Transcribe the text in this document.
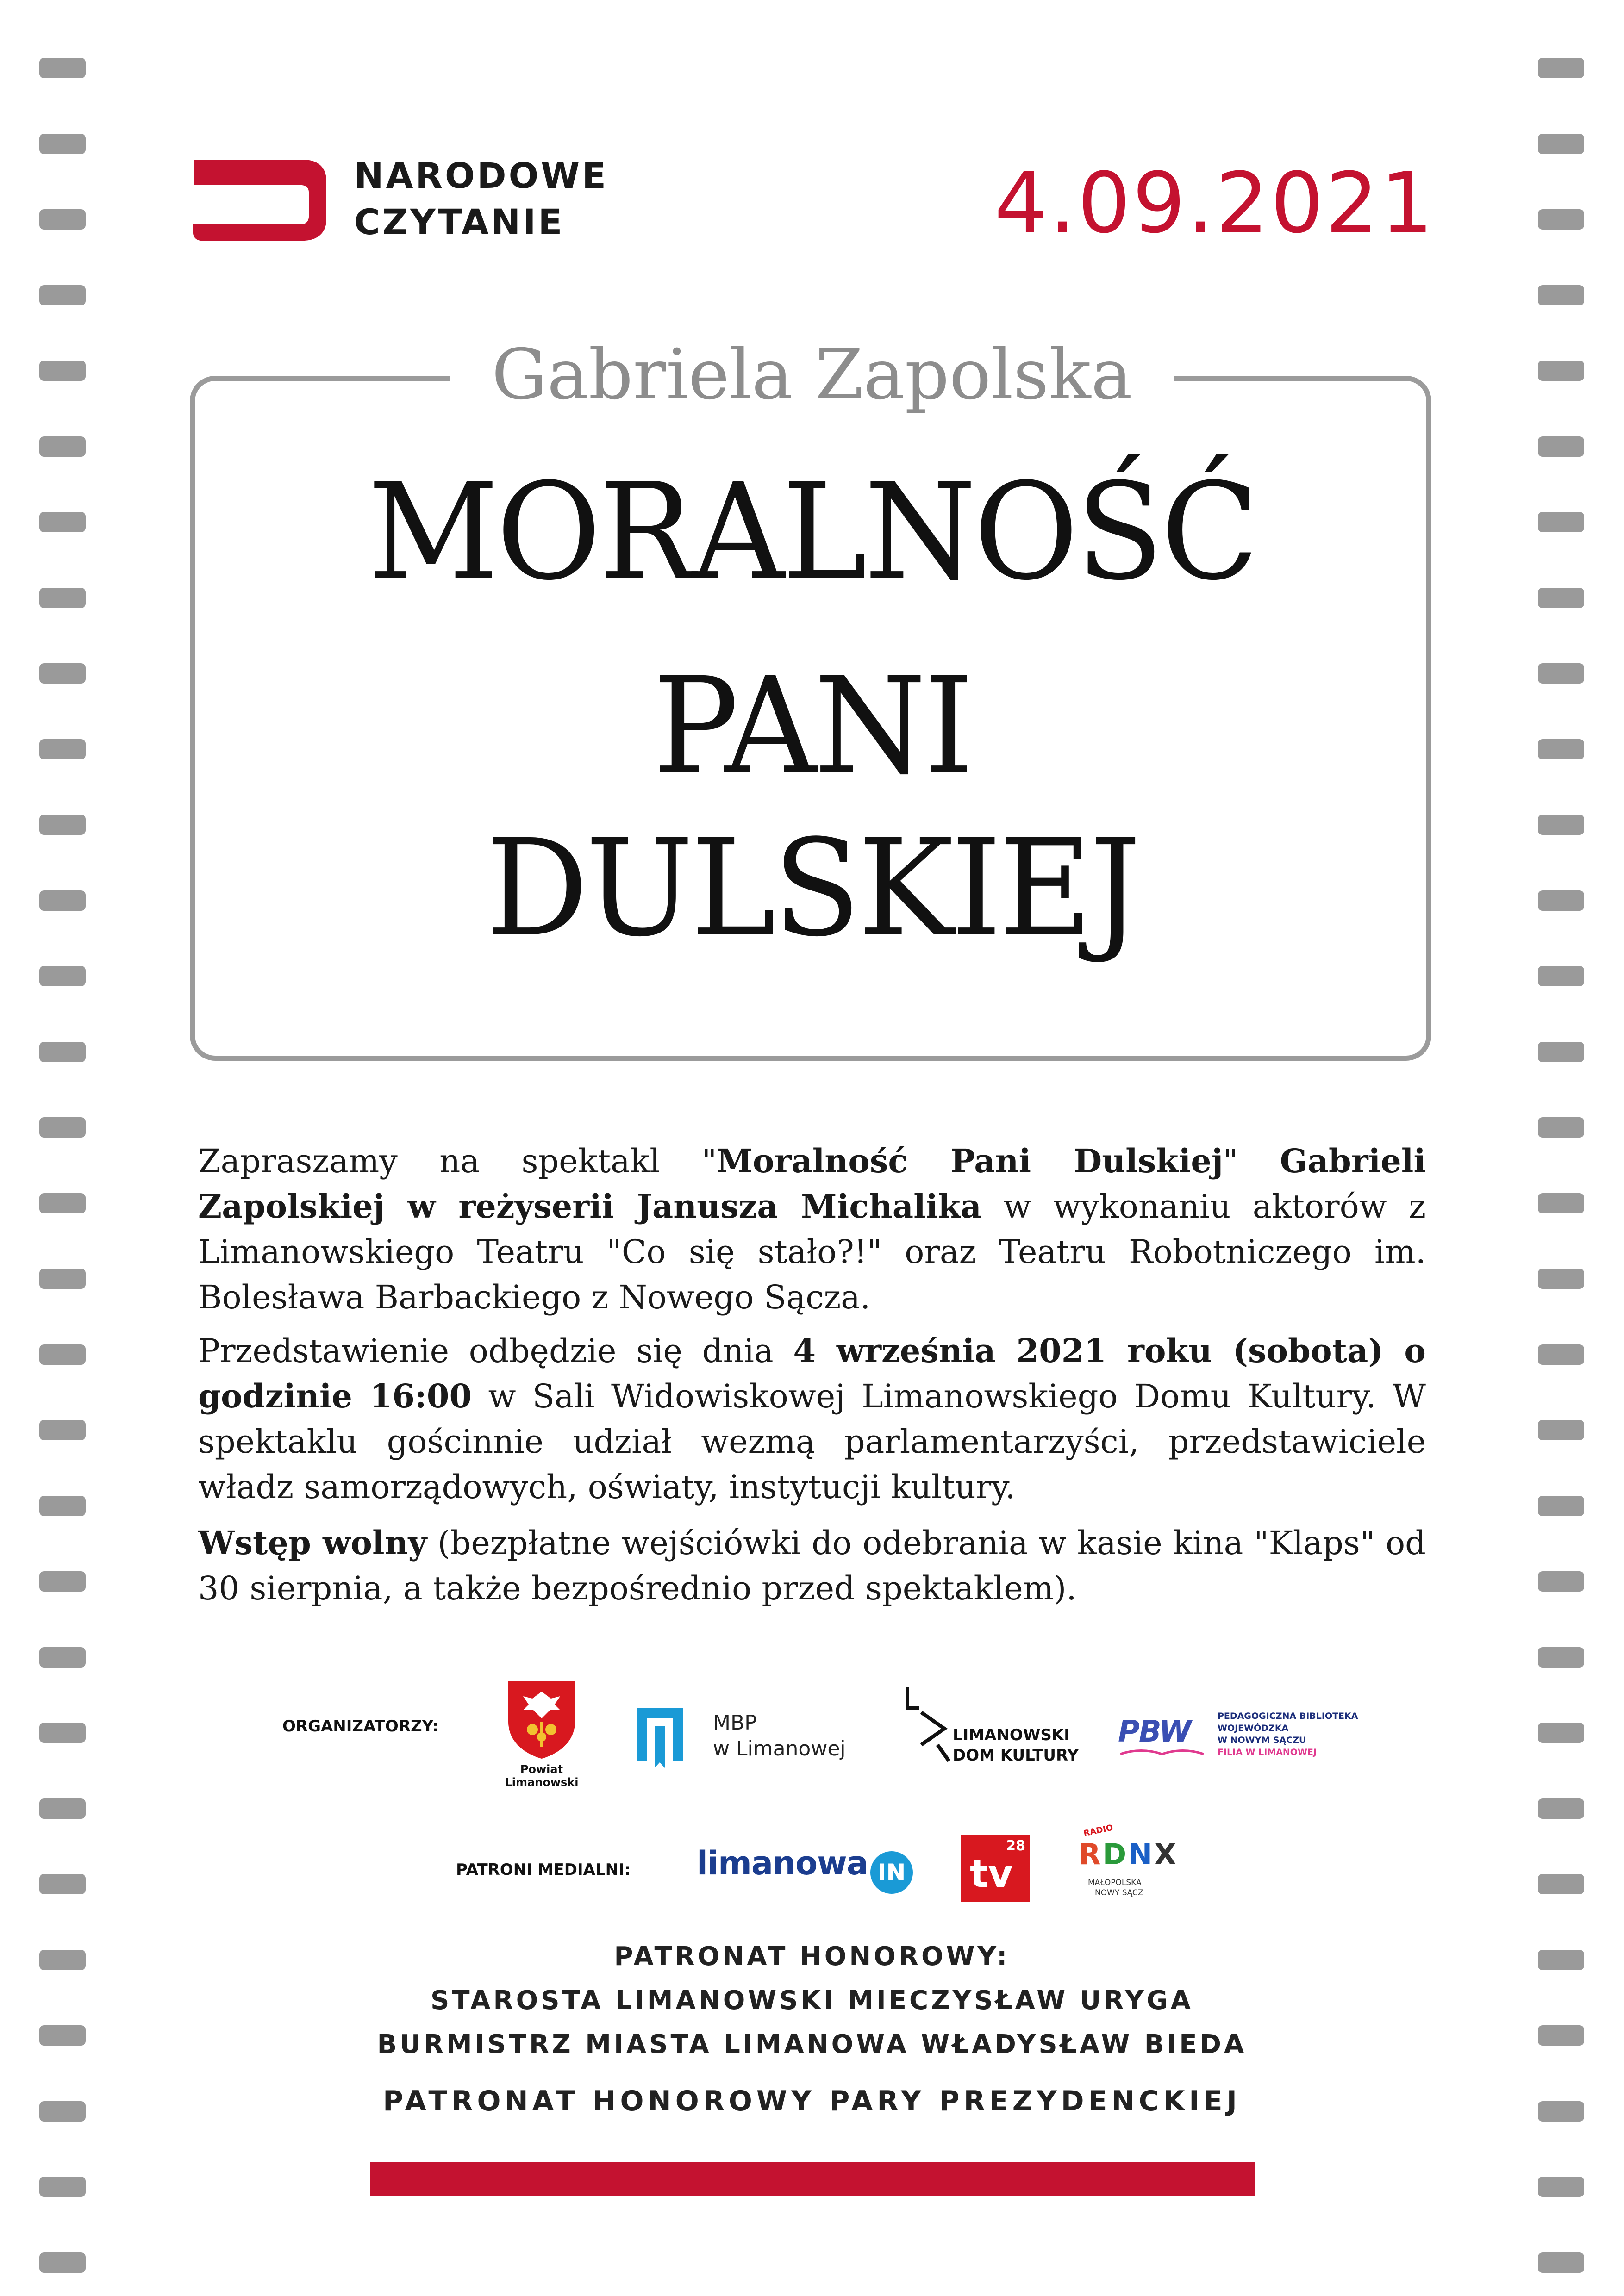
NARODOWE
CZYTANIE	4.09.2021
Gabriela Zapolska
MORALNOŚĆ
PANI
DULSKIEJ
Zapraszamy na spektakl "Moralność Pani Dulskiej" Gabrieli Zapolskiej w reżyserii Janusza Michalika w wykonaniu aktorów z Limanowskiego Teatru "Co się stało?!" oraz Teatru Robotniczego im. Bolesława Barbackiego z Nowego Sącza.
Przedstawienie odbędzie się dnia 4 września 2021 roku (sobota) o godzinie 16:00 w Sali Widowiskowej Limanowskiego Domu Kultury. W spektaklu gościnnie udział wezmą parlamentarzyści, przedstawiciele władz samorządowych, oświaty, instytucji kultury.
Wstęp wolny (bezpłatne wejściówki do odebrania w kasie kina "Klaps" od 30 sierpnia, a także bezpośrednio przed spektaklem).
ORGANIZATORZY:
Powiat
Limanowski
MBP
w Limanowej
LIMANOWSKI
DOM KULTURY
PBW	PEDAGOGICZNA BIBLIOTEKA
WOJEWÓDZKA
W NOWYM SĄCZU
FILIA W LIMANOWEJ
PATRONI MEDIALNI: limanowa IN
28
tv
RADIO
RDNX
MAŁOPOLSKA
NOWY SĄCZ
PATRONAT HONOROWY:
STAROSTA LIMANOWSKI MIECZYSŁAW URYGA
BURMISTRZ MIASTA LIMANOWA WŁADYSŁAW BIEDA
PATRONAT HONOROWY PARY PREZYDENCKIEJ
